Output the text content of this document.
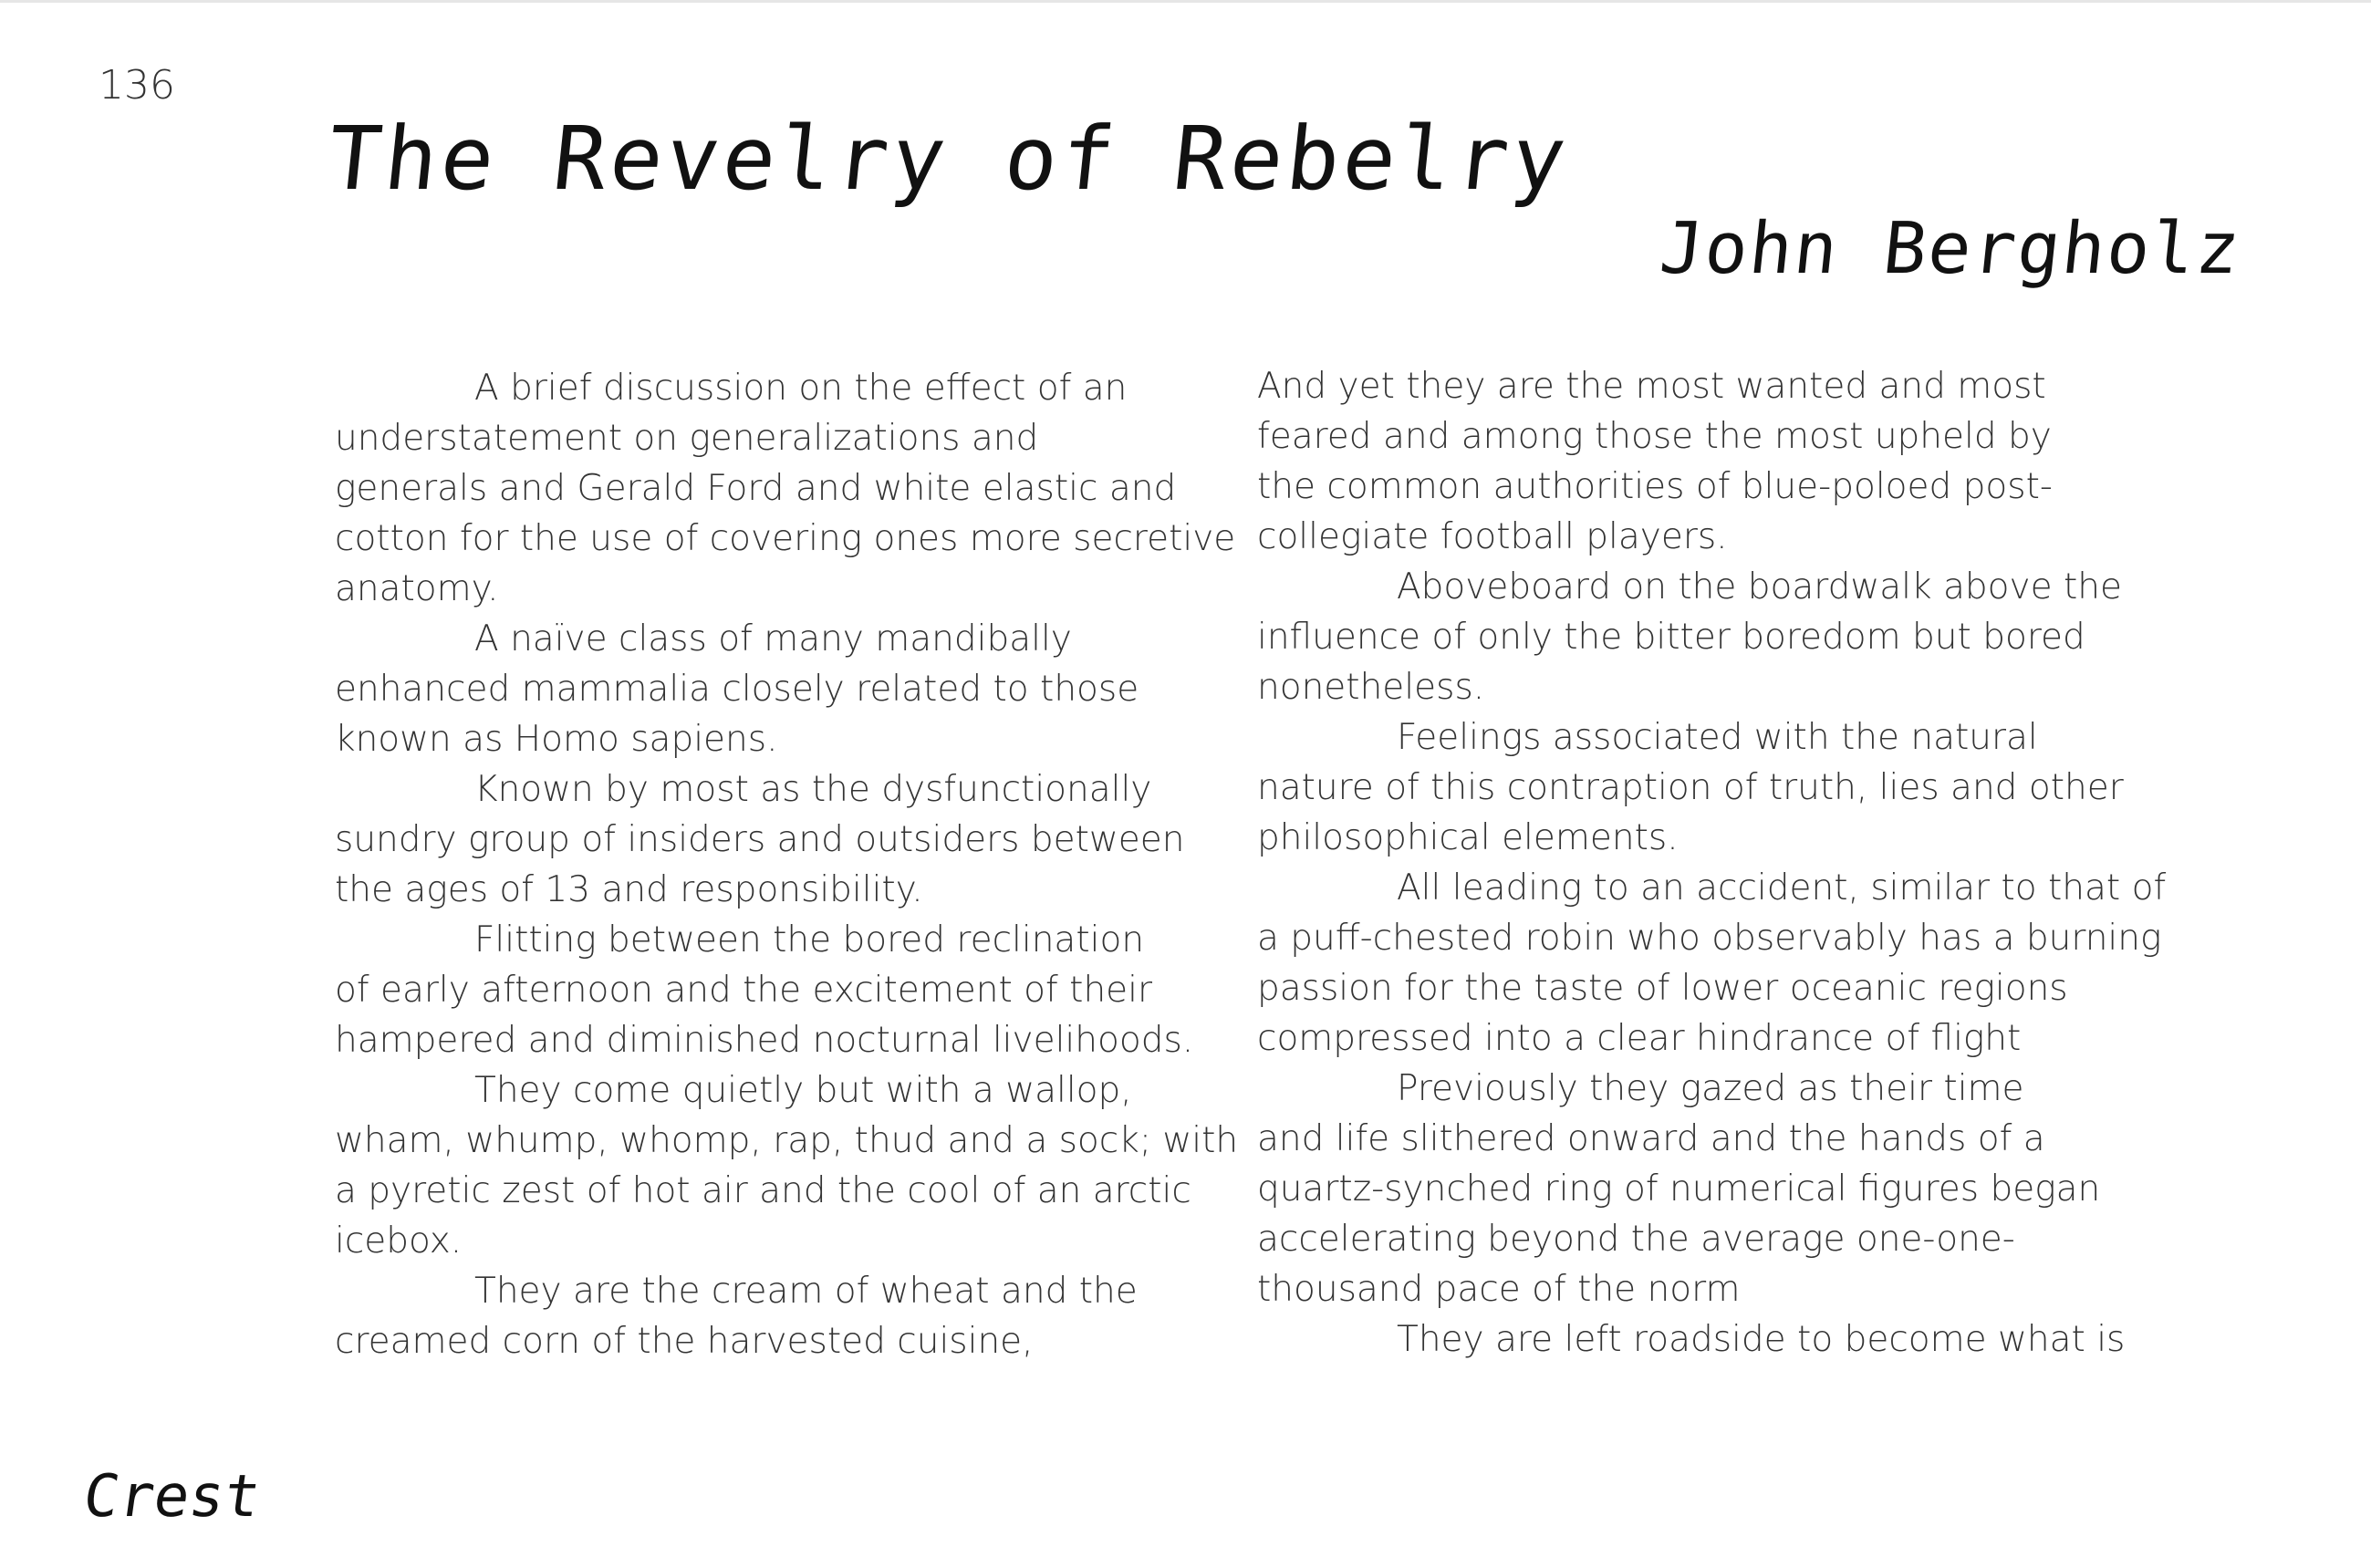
136
The Revelry of Rebelry
John Bergholz
A brief discussion on the effect of an
understatement on generalizations and
generals and Gerald Ford and white elastic and
cotton for the use of covering ones more secretive
anatomy.
A naïve class of many mandibally
enhanced mammalia closely related to those
known as Homo sapiens.
Known by most as the dysfunctionally
sundry group of insiders and outsiders between
the ages of 13 and responsibility.
Flitting between the bored reclination
of early afternoon and the excitement of their
hampered and diminished nocturnal livelihoods.
They come quietly but with a wallop,
wham, whump, whomp, rap, thud and a sock; with
a pyretic zest of hot air and the cool of an arctic
icebox.
They are the cream of wheat and the
creamed corn of the harvested cuisine,
And yet they are the most wanted and most
feared and among those the most upheld by
the common authorities of blue-poloed post-
collegiate football players.
Aboveboard on the boardwalk above the
influence of only the bitter boredom but bored
nonetheless.
Feelings associated with the natural
nature of this contraption of truth, lies and other
philosophical elements.
All leading to an accident, similar to that of
a puff-chested robin who observably has a burning
passion for the taste of lower oceanic regions
compressed into a clear hindrance of flight
Previously they gazed as their time
and life slithered onward and the hands of a
quartz-synched ring of numerical figures began
accelerating beyond the average one-one-
thousand pace of the norm
They are left roadside to become what is
Crest
